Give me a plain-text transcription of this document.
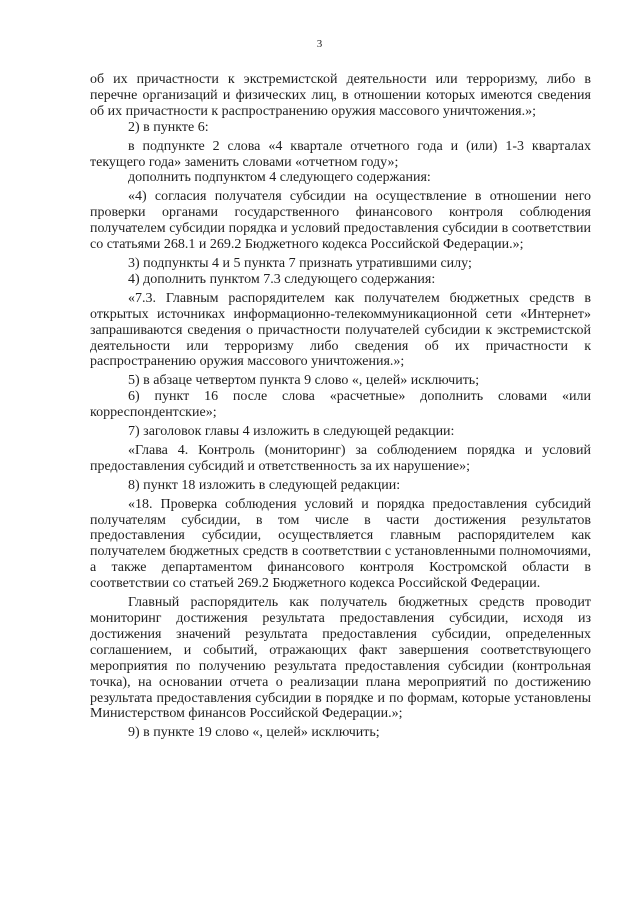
3

об их причастности к экстремистской деятельности или терроризму, либо в перечне организаций и физических лиц, в отношении которых имеются сведения об их причастности к распространению оружия массового уничтожения.»;

2) в пункте 6:

в подпункте 2 слова «4 квартале отчетного года и (или) 1-3 кварталах текущего года» заменить словами «отчетном году»;

дополнить подпунктом 4 следующего содержания:

«4) согласия получателя субсидии на осуществление в отношении него проверки органами государственного финансового контроля соблюдения получателем субсидии порядка и условий предоставления субсидии в соответствии со статьями 268.1 и 269.2 Бюджетного кодекса Российской Федерации.»;

3) подпункты 4 и 5 пункта 7 признать утратившими силу;

4) дополнить пунктом 7.3 следующего содержания:

«7.3. Главным распорядителем как получателем бюджетных средств в открытых источниках информационно-телекоммуникационной сети «Интернет» запрашиваются сведения о причастности получателей субсидии к экстремистской деятельности или терроризму либо сведения об их причастности к распространению оружия массового уничтожения.»;

5) в абзаце четвертом пункта 9 слово «, целей» исключить;

6) пункт 16 после слова «расчетные» дополнить словами «или корреспондентские»;

7) заголовок главы 4 изложить в следующей редакции:

«Глава 4. Контроль (мониторинг) за соблюдением порядка и условий предоставления субсидий и ответственность за их нарушение»;

8) пункт 18 изложить в следующей редакции:

«18. Проверка соблюдения условий и порядка предоставления субсидий получателям субсидии, в том числе в части достижения результатов предоставления субсидии, осуществляется главным распорядителем как получателем бюджетных средств в соответствии с установленными полномочиями, а также департаментом финансового контроля Костромской области в соответствии со статьей 269.2 Бюджетного кодекса Российской Федерации.

Главный распорядитель как получатель бюджетных средств проводит мониторинг достижения результата предоставления субсидии, исходя из достижения значений результата предоставления субсидии, определенных соглашением, и событий, отражающих факт завершения соответствующего мероприятия по получению результата предоставления субсидии (контрольная точка), на основании отчета о реализации плана мероприятий по достижению результата предоставления субсидии в порядке и по формам, которые установлены Министерством финансов Российской Федерации.»;

9) в пункте 19 слово «, целей» исключить;
